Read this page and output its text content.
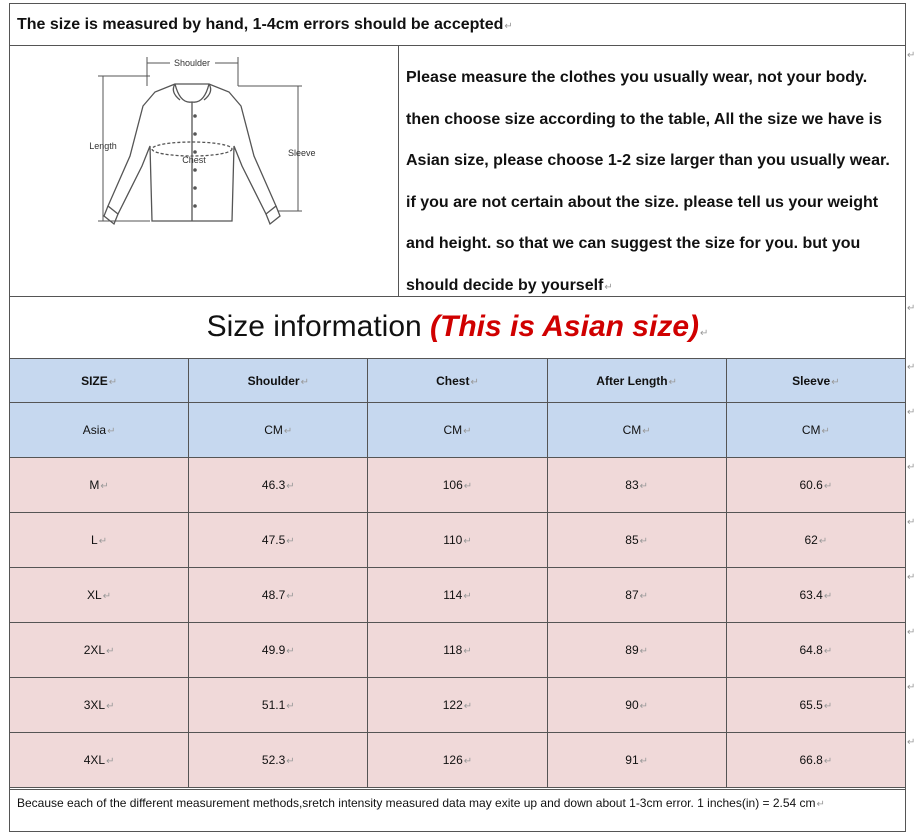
The size is measured by hand, 1-4cm errors should be accepted↵
Shoulder
Length
Chest
Sleeve
Please measure the clothes you usually wear, not your body.
then choose size according to the table, All the size we have is
Asian size, please choose 1-2 size larger than you usually wear.
if you are not certain about the size. please tell us your weight
and height. so that we can suggest the size for you. but you
should decide by yourself↵
Size information (This is Asian size)↵
SIZE↵	Shoulder↵	Chest↵	After Length↵	Sleeve↵
Asia↵	CM↵	CM↵	CM↵	CM↵
M↵	46.3↵	106↵	83↵	60.6↵
L↵	47.5↵	110↵	85↵	62↵
XL↵	48.7↵	114↵	87↵	63.4↵
2XL↵	49.9↵	118↵	89↵	64.8↵
3XL↵	51.1↵	122↵	90↵	65.5↵
4XL↵	52.3↵	126↵	91↵	66.8↵
Because each of the different measurement methods,sretch intensity measured data may exite up and down about 1-3cm error. 1 inches(in) = 2.54 cm↵
↵
↵
↵
↵
↵
↵
↵
↵
↵
↵
